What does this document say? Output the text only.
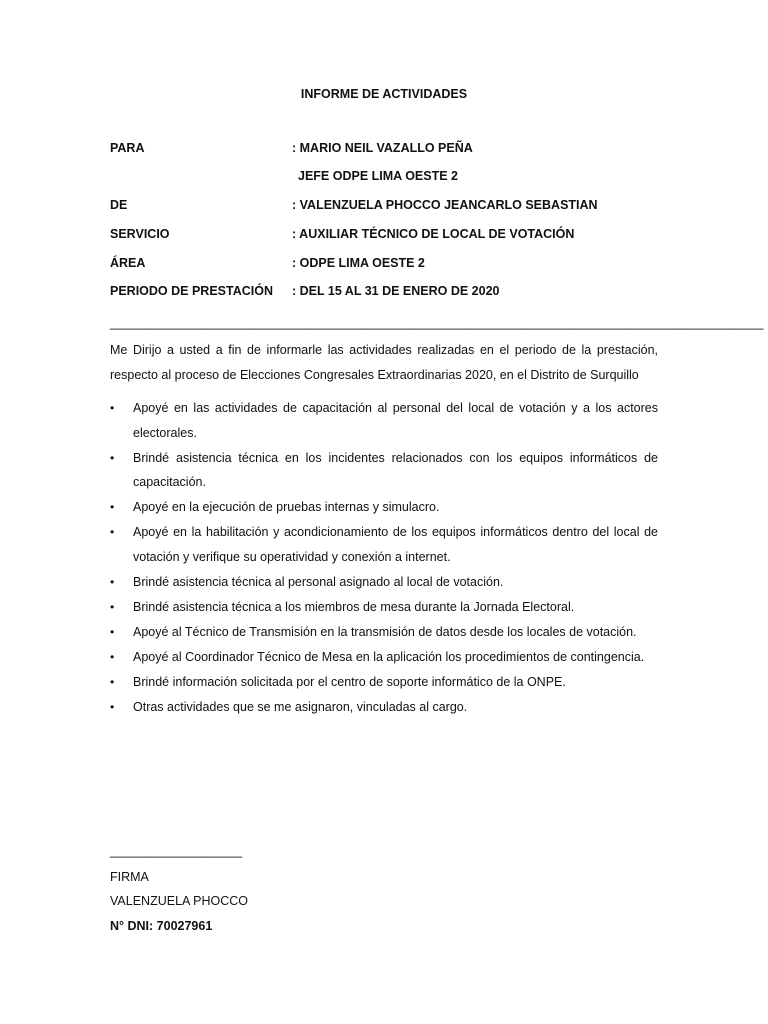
INFORME DE ACTIVIDADES
PARA	: MARIO NEIL VAZALLO PEÑA
JEFE ODPE LIMA OESTE 2
DE	: VALENZUELA PHOCCO JEANCARLO SEBASTIAN
SERVICIO	: AUXILIAR TÉCNICO DE LOCAL DE VOTACIÓN
ÁREA	: ODPE LIMA OESTE 2
PERIODO DE PRESTACIÓN : DEL 15 AL 31 DE ENERO DE 2020
______________________________________________________________________________________________
Me Dirijo a usted a fin de informarle las actividades realizadas en el periodo de la prestación, respecto al proceso de Elecciones Congresales Extraordinarias 2020, en el Distrito de Surquillo
• Apoyé en las actividades de capacitación al personal del local de votación y a los actores electorales.
• Brindé asistencia técnica en los incidentes relacionados con los equipos informáticos de capacitación.
• Apoyé en la ejecución de pruebas internas y simulacro.
• Apoyé en la habilitación y acondicionamiento de los equipos informáticos dentro del local de votación y verifique su operatividad y conexión a internet.
• Brindé asistencia técnica al personal asignado al local de votación.
• Brindé asistencia técnica a los miembros de mesa durante la Jornada Electoral.
• Apoyé al Técnico de Transmisión en la transmisión de datos desde los locales de votación.
• Apoyé al Coordinador Técnico de Mesa en la aplicación los procedimientos de contingencia.
• Brindé información solicitada por el centro de soporte informático de la ONPE.
• Otras actividades que se me asignaron, vinculadas al cargo.
___________________
FIRMA
VALENZUELA PHOCCO
N° DNI: 70027961
